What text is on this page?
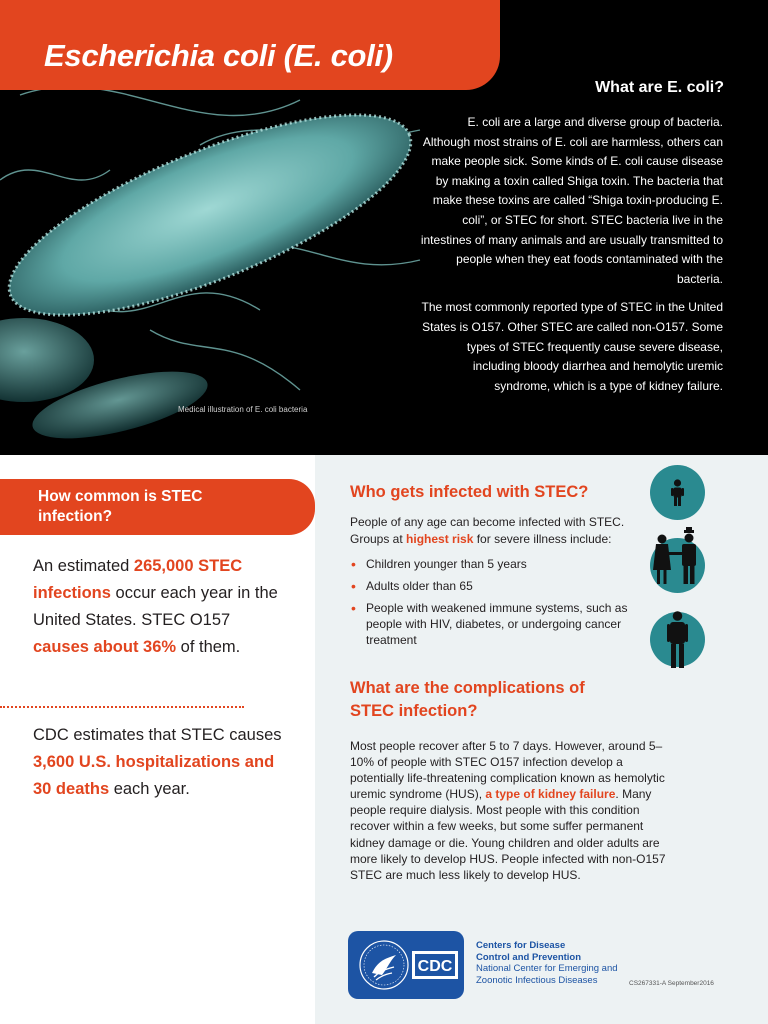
Escherichia coli (E. coli)
Medical illustration of E. coli bacteria
What are E. coli?

E. coli are a large and diverse group of bacteria. Although most strains of E. coli are harmless, others can make people sick. Some kinds of E. coli cause disease by making a toxin called Shiga toxin. The bacteria that make these toxins are called “Shiga toxin-producing E. coli”, or STEC for short. STEC bacteria live in the intestines of many animals and are usually transmitted to people when they eat foods contaminated with the bacteria.

The most commonly reported type of STEC in the United States is O157. Other STEC are called non-O157. Some types of STEC frequently cause severe disease, including bloody diarrhea and hemolytic uremic syndrome, which is a type of kidney failure.

How common is STEC infection?

An estimated 265,000 STEC infections occur each year in the United States. STEC O157 causes about 36% of them.

CDC estimates that STEC causes 3,600 U.S. hospitalizations and 30 deaths each year.

Who gets infected with STEC?

People of any age can become infected with STEC. Groups at highest risk for severe illness include:

• Children younger than 5 years
• Adults older than 65
• People with weakened immune systems, such as people with HIV, diabetes, or undergoing cancer treatment
What are the complications of STEC infection?

Most people recover after 5 to 7 days. However, around 5–10% of people with STEC O157 infection develop a potentially life-threatening complication known as hemolytic uremic syndrome (HUS), a type of kidney failure. Many people require dialysis. Most people with this condition recover within a few weeks, but some suffer permanent kidney damage or die. Young children and older adults are more likely to develop HUS. People infected with non-O157 STEC are much less likely to develop HUS.

CDC
Centers for Disease
Control and Prevention
National Center for Emerging and
Zoonotic Infectious Diseases	CS267331-A September2016
